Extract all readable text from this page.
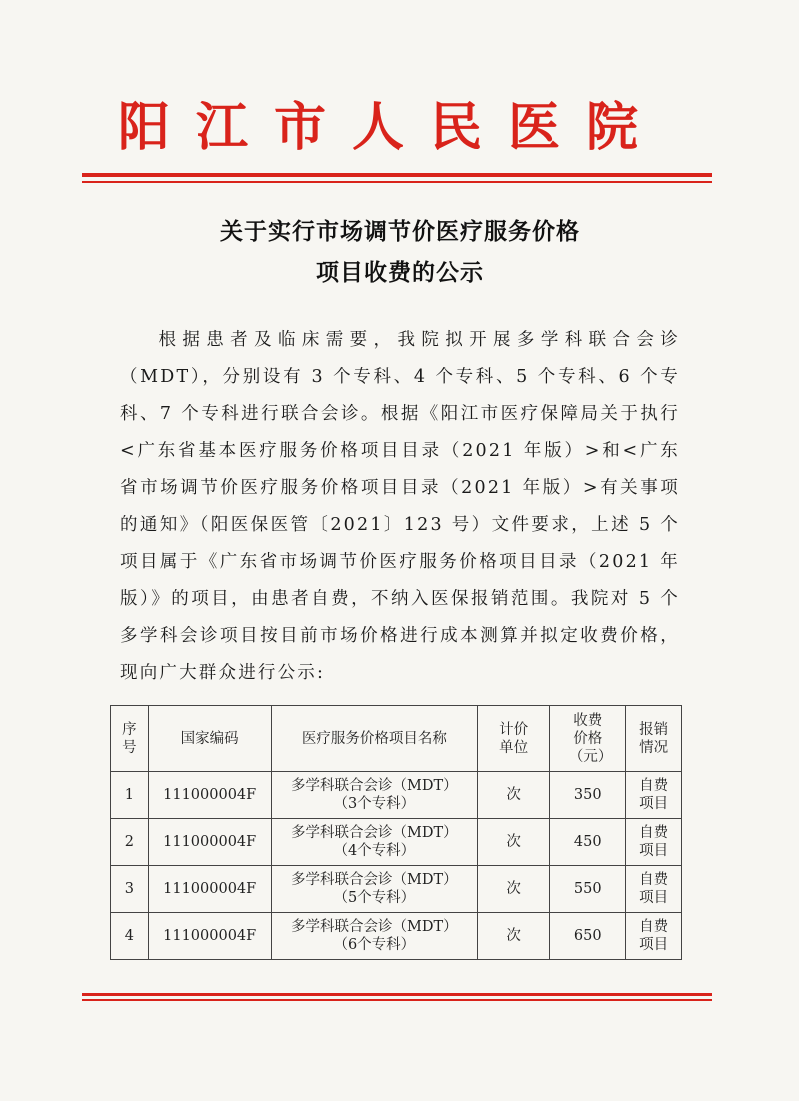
阳江市人民医院
关于实行市场调节价医疗服务价格
项目收费的公示

根据患者及临床需要，我院拟开展多学科联合会诊（MDT），分别设有 3 个专科、4 个专科、5 个专科、6 个专科、7 个专科进行联合会诊。根据《阳江市医疗保障局关于执行<广东省基本医疗服务价格项目目录（2021 年版）>和<广东省市场调节价医疗服务价格项目目录（2021 年版）>有关事项的通知》（阳医保医管〔2021〕123 号）文件要求，上述 5 个项目属于《广东省市场调节价医疗服务价格项目目录（2021 年版）》的项目，由患者自费，不纳入医保报销范围。我院对 5 个多学科会诊项目按目前市场价格进行成本测算并拟定收费价格，现向广大群众进行公示:

序号	国家编码	医疗服务价格项目名称	计价单位	收费价格（元）	报销情况
1	111000004F	多学科联合会诊（MDT）
（3个专科）	次	350	自费项目
2	111000004F	多学科联合会诊（MDT）
（4个专科）	次	450	自费项目
3	111000004F	多学科联合会诊（MDT）
（5个专科）	次	550	自费项目
4	111000004F	多学科联合会诊（MDT）
（6个专科）	次	650	自费项目
